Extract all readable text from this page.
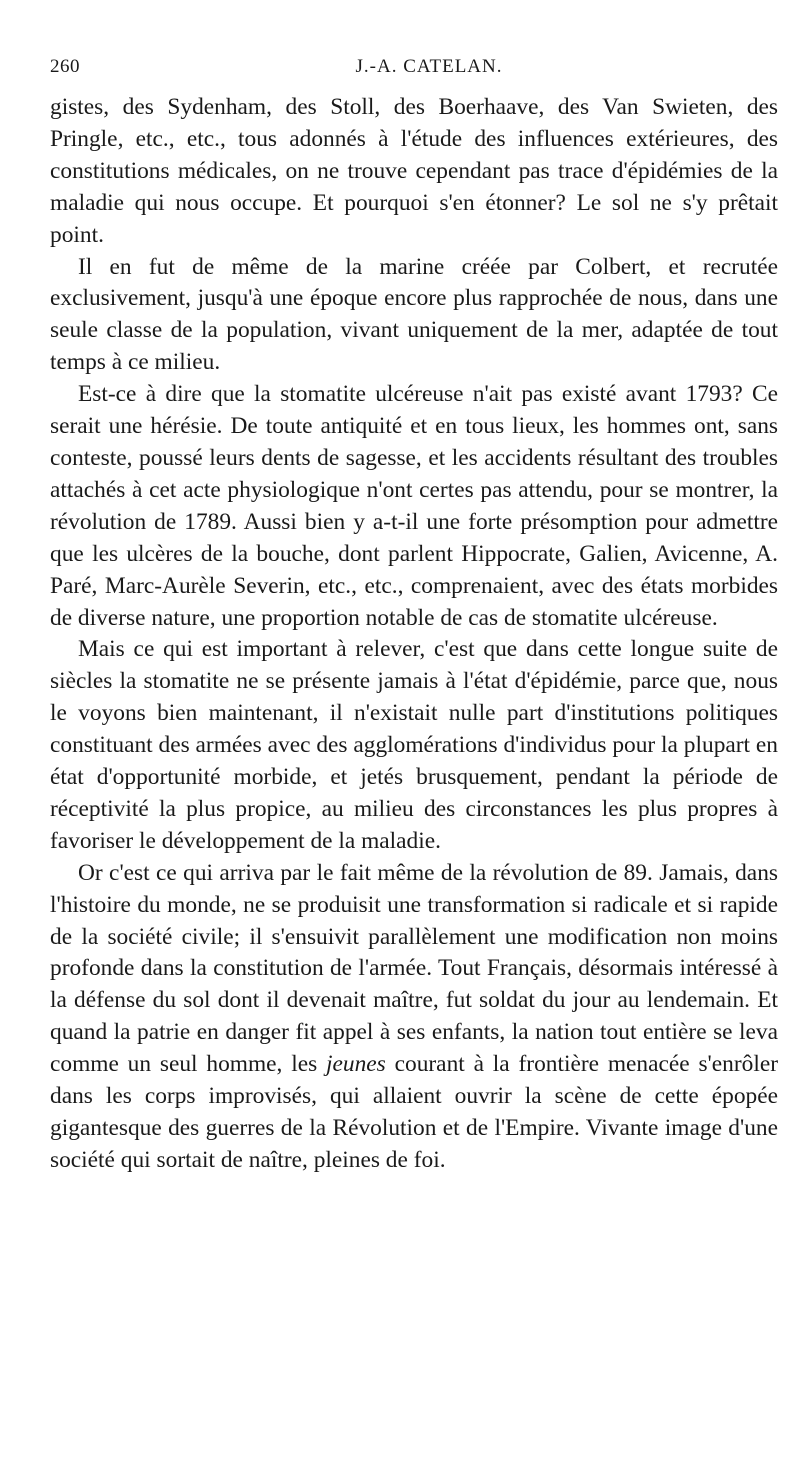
260	J.-A. CATELAN.

gistes, des Sydenham, des Stoll, des Boerhaave, des Van Swieten, des Pringle, etc., etc., tous adonnés à l'étude des influences extérieures, des constitutions médicales, on ne trouve cependant pas trace d'épidémies de la maladie qui nous occupe. Et pourquoi s'en étonner? Le sol ne s'y prêtait point.

Il en fut de même de la marine créée par Colbert, et recrutée exclusivement, jusqu'à une époque encore plus rapprochée de nous, dans une seule classe de la population, vivant uniquement de la mer, adaptée de tout temps à ce milieu.

Est-ce à dire que la stomatite ulcéreuse n'ait pas existé avant 1793? Ce serait une hérésie. De toute antiquité et en tous lieux, les hommes ont, sans conteste, poussé leurs dents de sagesse, et les accidents résultant des troubles attachés à cet acte physiologique n'ont certes pas attendu, pour se montrer, la révolution de 1789. Aussi bien y a-t-il une forte présomption pour admettre que les ulcères de la bouche, dont parlent Hippocrate, Galien, Avicenne, A. Paré, Marc-Aurèle Severin, etc., etc., comprenaient, avec des états morbides de diverse nature, une proportion notable de cas de stomatite ulcéreuse.

Mais ce qui est important à relever, c'est que dans cette longue suite de siècles la stomatite ne se présente jamais à l'état d'épidémie, parce que, nous le voyons bien maintenant, il n'existait nulle part d'institutions politiques constituant des armées avec des agglomérations d'individus pour la plupart en état d'opportunité morbide, et jetés brusquement, pendant la période de réceptivité la plus propice, au milieu des circonstances les plus propres à favoriser le développement de la maladie.

Or c'est ce qui arriva par le fait même de la révolution de 89. Jamais, dans l'histoire du monde, ne se produisit une transformation si radicale et si rapide de la société civile; il s'ensuivit parallèlement une modification non moins profonde dans la constitution de l'armée. Tout Français, désormais intéressé à la défense du sol dont il devenait maître, fut soldat du jour au lendemain. Et quand la patrie en danger fit appel à ses enfants, la nation tout entière se leva comme un seul homme, les jeunes courant à la frontière menacée s'enrôler dans les corps improvisés, qui allaient ouvrir la scène de cette épopée gigantesque des guerres de la Révolution et de l'Empire. Vivante image d'une société qui sortait de naître, pleines de foi.
